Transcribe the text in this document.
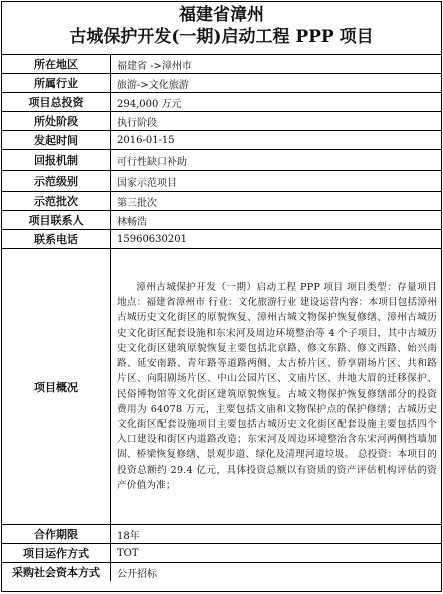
福建省漳州
古城保护开发(一期)启动工程 PPP 项目
所在地区	福建省 ->漳州市
所属行业	旅游->文化旅游
项目总投资	294,000 万元
所处阶段	执行阶段
发起时间	2016-01-15
回报机制	可行性缺口补助
示范级别	国家示范项目
示范批次	第三批次
项目联系人	林畅浩
联系电话	15960630201
项目概况	漳州古城保护开发（一期）启动工程 PPP 项目 项目类型：存量项目 地点：福建省漳州市 行业：文化旅游行业 建设运营内容：本项目包括漳州古城历史文化街区的原貌恢复、漳州古城文物保护恢复修缮、漳州古城历史文化街区配套设施和东宋河及周边环境整治等 4 个子项目，其中古城历史文化街区建筑原貌恢复主要包括北京路、修文东路、修文西路、始兴南路、延安南路、青年路等道路两侧、太古桥片区、侨享剧场片区、共和路片区、向阳剧场片区、中山公园片区、文庙片区、井地大眉的迁移保护、民俗博物馆等文化街区建筑原貌恢复。古城文物保护恢复修缮部分的投资费用为 64078 万元，主要包括文庙和文物保护点的保护修缮；古城历史文化街区配套设施项目主要包括古城历史文化街区配套设施主要包括四个入口建设和街区内道路改造；东宋河及周边环境整治含东宋河两侧挡墙加固、桥梁恢复修缮、景观步道、绿化及清理河道垃圾。 总投资：本项目的投资总额约 29.4 亿元，具体投资总额以有资质的资产评估机构评估的资产价值为准；

合作期限	18年
项目运作方式	TOT
采购社会资本方式	公开招标
